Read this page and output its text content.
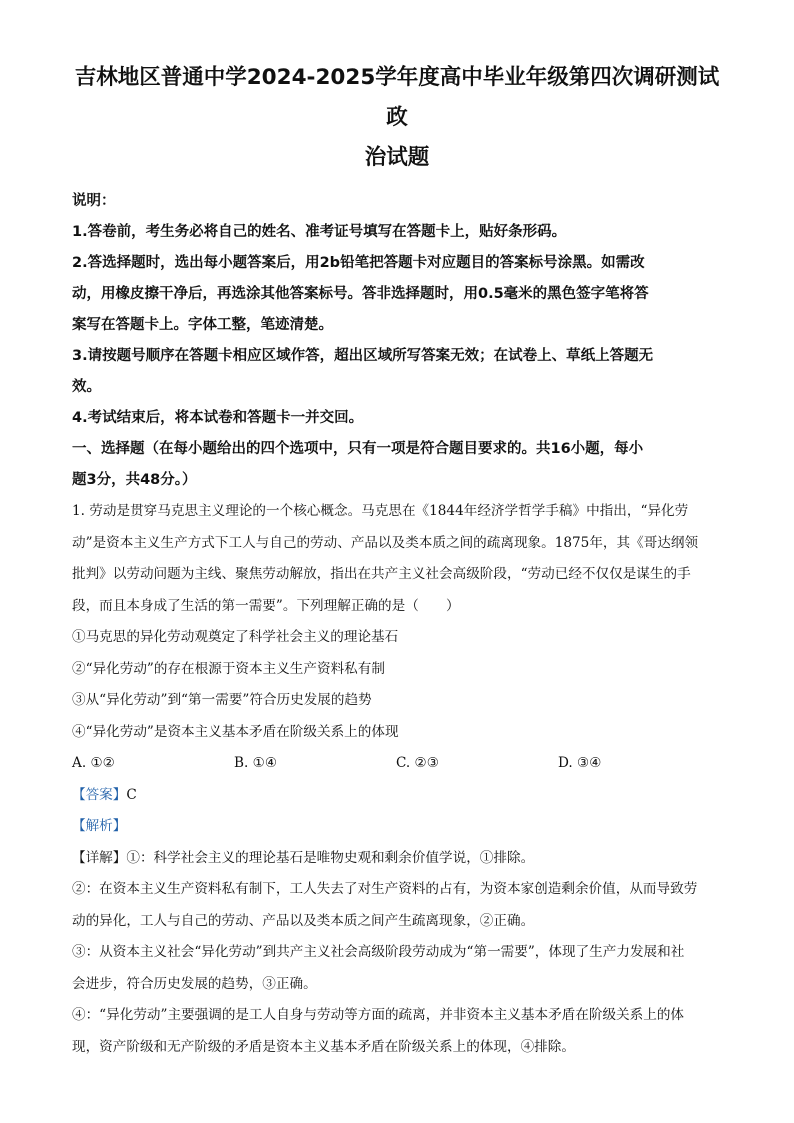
吉林地区普通中学2024-2025学年度高中毕业年级第四次调研测试政

治试题

说明：

1.答卷前，考生务必将自己的姓名、准考证号填写在答题卡上，贴好条形码。

2.答选择题时，选出每小题答案后，用2b铅笔把答题卡对应题目的答案标号涂黑。如需改

动，用橡皮擦干净后，再选涂其他答案标号。答非选择题时，用0.5毫米的黑色签字笔将答

案写在答题卡上。字体工整，笔迹清楚。

3.请按题号顺序在答题卡相应区域作答，超出区域所写答案无效；在试卷上、草纸上答题无

效。

4.考试结束后，将本试卷和答题卡一并交回。

一、选择题（在每小题给出的四个选项中，只有一项是符合题目要求的。共16小题，每小

题3分，共48分。）

1. 劳动是贯穿马克思主义理论的一个核心概念。马克思在《1844年经济学哲学手稿》中指出，“异化劳

动”是资本主义生产方式下工人与自己的劳动、产品以及类本质之间的疏离现象。1875年，其《哥达纲领

批判》以劳动问题为主线、聚焦劳动解放，指出在共产主义社会高级阶段，“劳动已经不仅仅是谋生的手

段，而且本身成了生活的第一需要”。下列理解正确的是（　　）

①马克思的异化劳动观奠定了科学社会主义的理论基石

②“异化劳动”的存在根源于资本主义生产资料私有制

③从“异化劳动”到“第一需要”符合历史发展的趋势

④“异化劳动”是资本主义基本矛盾在阶级关系上的体现

A. ①②	B. ①④	C. ②③	D. ③④
【答案】C
【解析】

【详解】①：科学社会主义的理论基石是唯物史观和剩余价值学说，①排除。

②：在资本主义生产资料私有制下，工人失去了对生产资料的占有，为资本家创造剩余价值，从而导致劳

动的异化，工人与自己的劳动、产品以及类本质之间产生疏离现象，②正确。

③：从资本主义社会“异化劳动”到共产主义社会高级阶段劳动成为“第一需要”，体现了生产力发展和社

会进步，符合历史发展的趋势，③正确。

④：“异化劳动”主要强调的是工人自身与劳动等方面的疏离，并非资本主义基本矛盾在阶级关系上的体

现，资产阶级和无产阶级的矛盾是资本主义基本矛盾在阶级关系上的体现，④排除。
